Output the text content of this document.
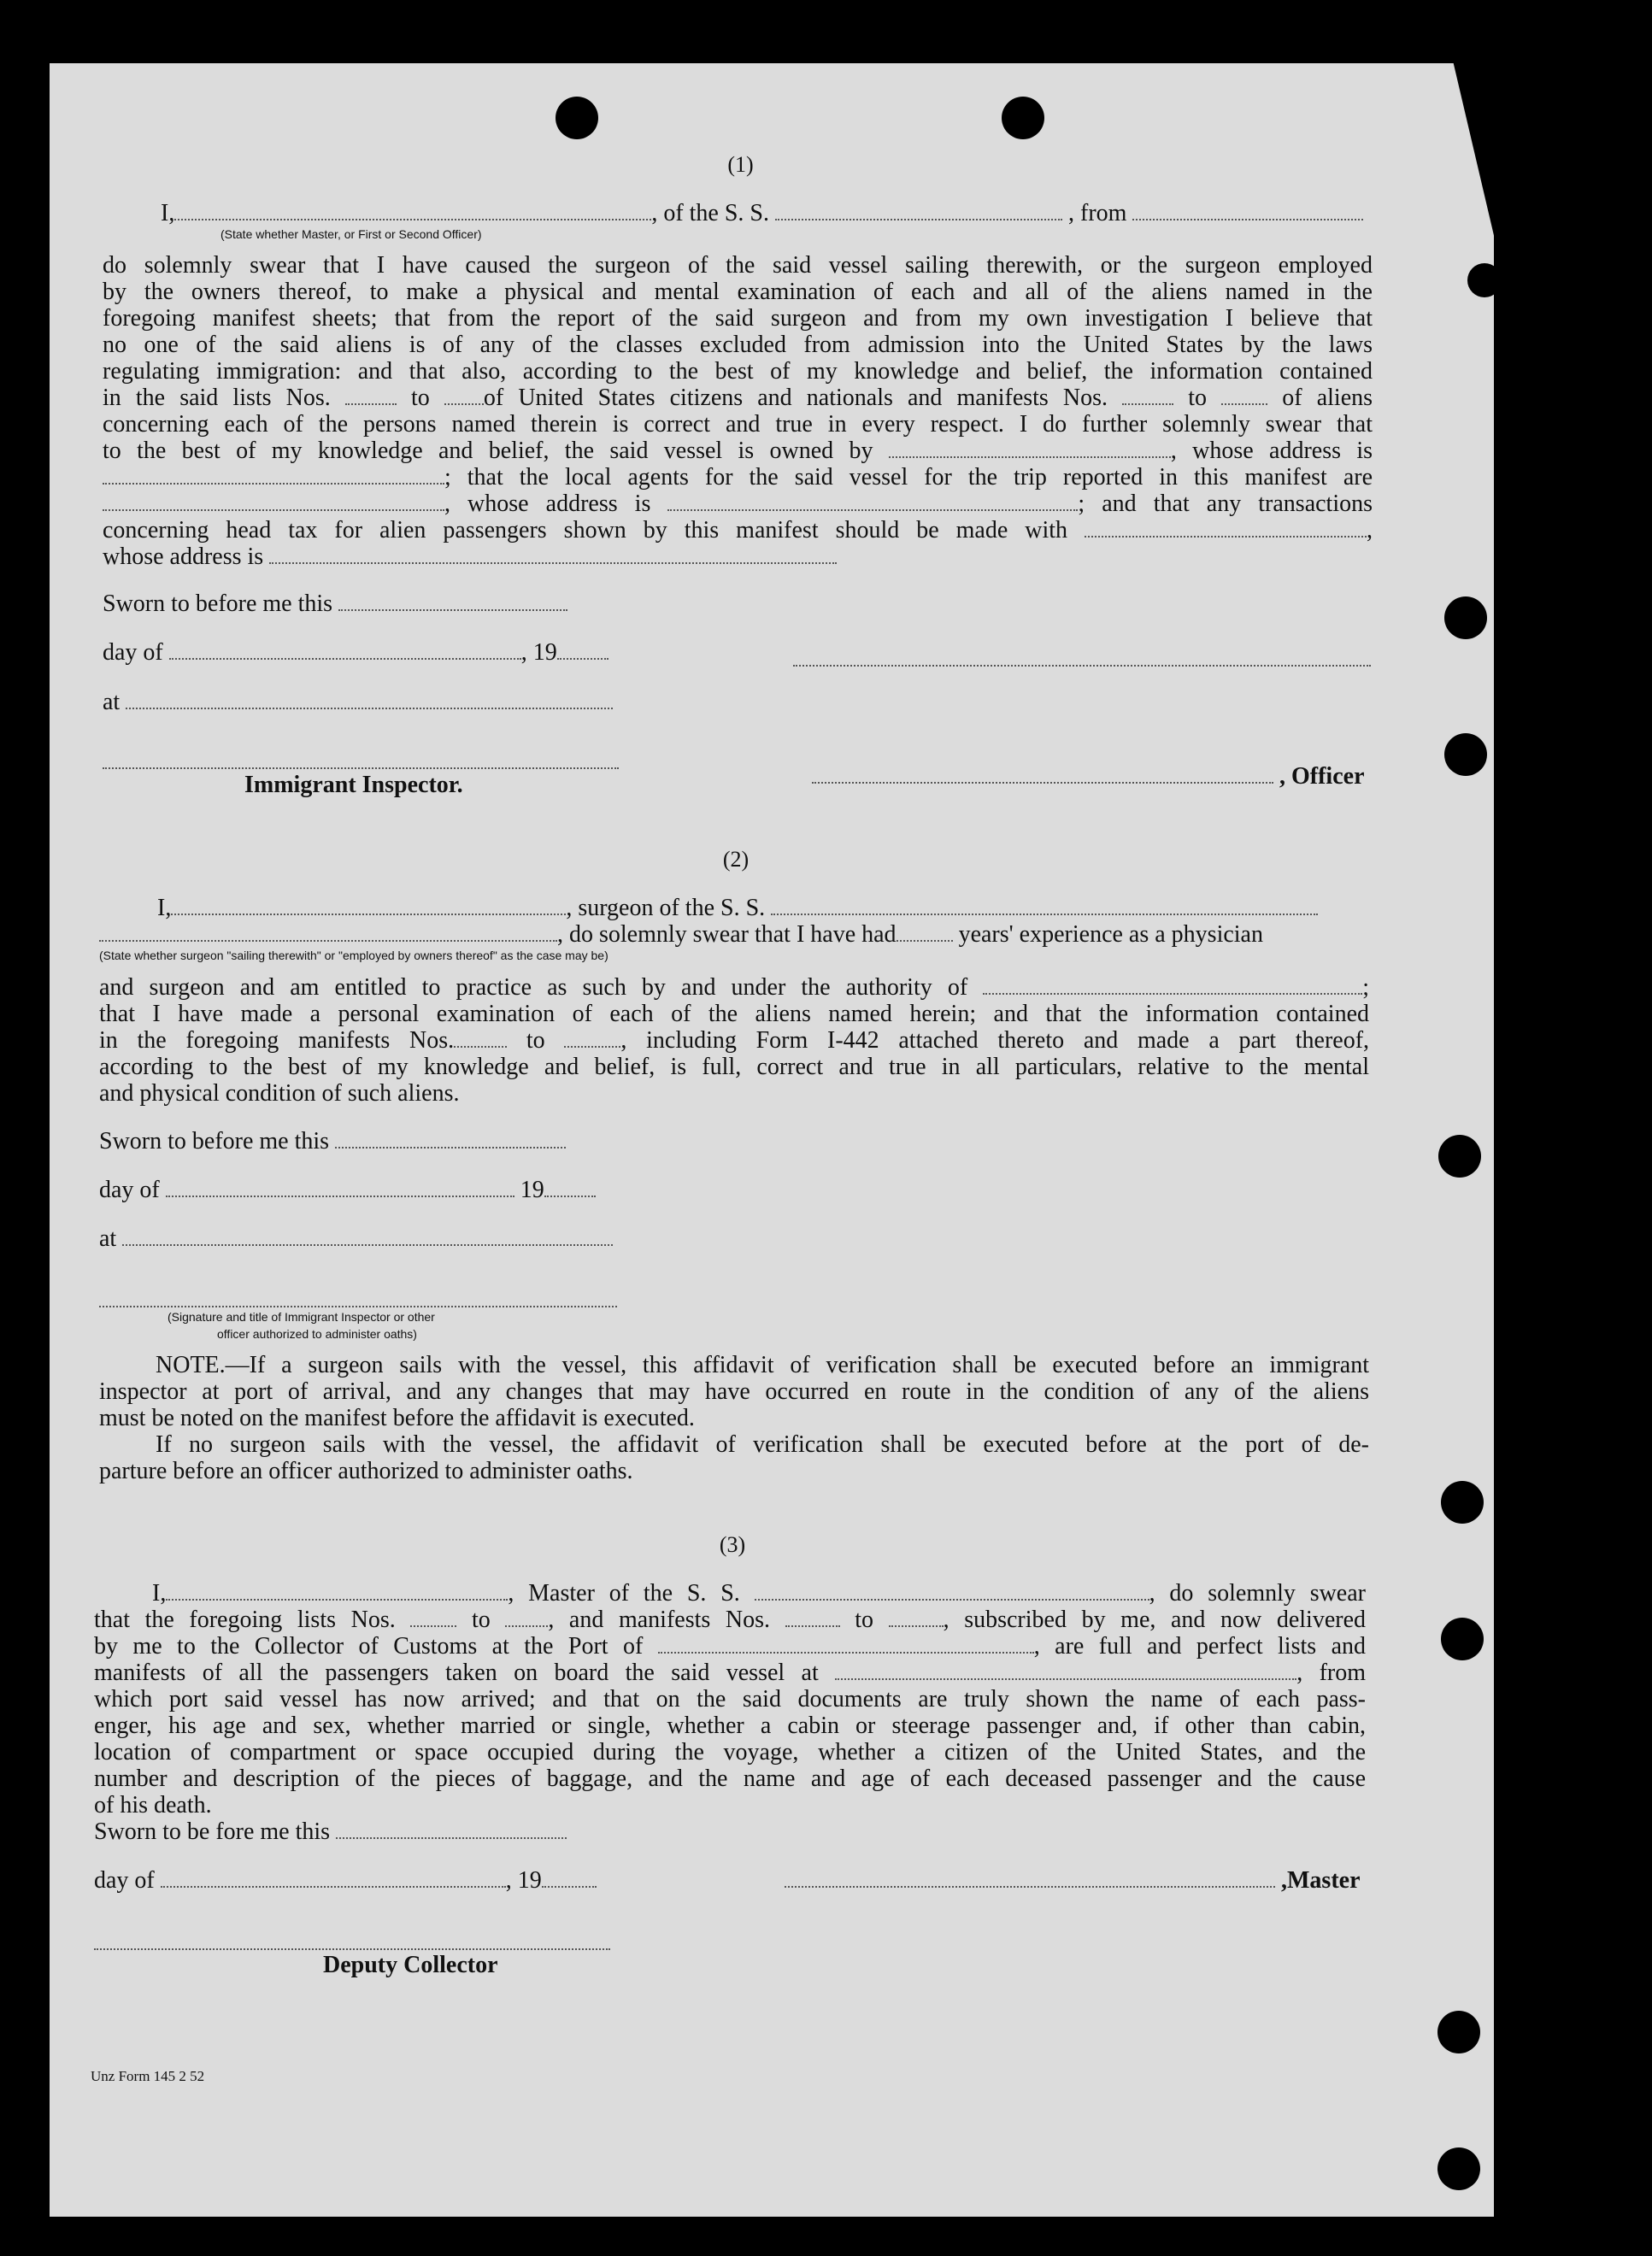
(1)
I,	, of the S. S.	, from
(State whether Master, or First or Second Officer)
do solemnly swear that I have caused the surgeon of the said vessel sailing therewith, or the surgeon employed
by the owners thereof, to make a physical and mental examination of each and all of the aliens named in the
foregoing manifest sheets; that from the report of the said surgeon and from my own investigation I believe that
no one of the said aliens is of any of the classes excluded from admission into the United States by the laws
regulating immigration: and that also, according to the best of my knowledge and belief, the information contained
in the said lists Nos.	to of United States citizens and nationals and manifests Nos.	to	of aliens
concerning each of the persons named therein is correct and true in every respect. I do further solemnly swear that
to the best of my knowledge and belief, the said vessel is owned by	, whose address is
; that the local agents for the said vessel for the trip reported in this manifest are
, whose address is	; and that any transactions
concerning head tax for alien passengers shown by this manifest should be made with	,
whose address is
Sworn to before me this
day of	, 19
at
Immigrant Inspector.	, Officer
(2)
I,	, surgeon of the S. S.
, do solemnly swear that I have had	years' experience as a physician
(State whether surgeon "sailing therewith" or "employed by owners thereof" as the case may be)
and surgeon and am entitled to practice as such by and under the authority of	;
that I have made a personal examination of each of the aliens named herein; and that the information contained
in the foregoing manifests Nos.	to	, including Form I-442 attached thereto and made a part thereof,
according to the best of my knowledge and belief, is full, correct and true in all particulars, relative to the mental
and physical condition of such aliens.
Sworn to before me this
day of	19
at
(Signature and title of Immigrant Inspector or other
officer authorized to administer oaths)
NOTE.—If a surgeon sails with the vessel, this affidavit of verification shall be executed before an immigrant
inspector at port of arrival, and any changes that may have occurred en route in the condition of any of the aliens
must be noted on the manifest before the affidavit is executed.
If no surgeon sails with the vessel, the affidavit of verification shall be executed before at the port of de-
parture before an officer authorized to administer oaths.
(3)
I,	, Master of the S. S.	, do solemnly swear
that the foregoing lists Nos.	to , and manifests Nos.	to	, subscribed by me, and now delivered
by me to the Collector of Customs at the Port of	, are full and perfect lists and
manifests of all the passengers taken on board the said vessel at	, from
which port said vessel has now arrived; and that on the said documents are truly shown the name of each pass-
enger, his age and sex, whether married or single, whether a cabin or steerage passenger and, if other than cabin,
location of compartment or space occupied during the voyage, whether a citizen of the United States, and the
number and description of the pieces of baggage, and the name and age of each deceased passenger and the cause
of his death.
Sworn to be fore me this
day of	, 19	,Master
Deputy Collector
Unz Form 145 2 52
